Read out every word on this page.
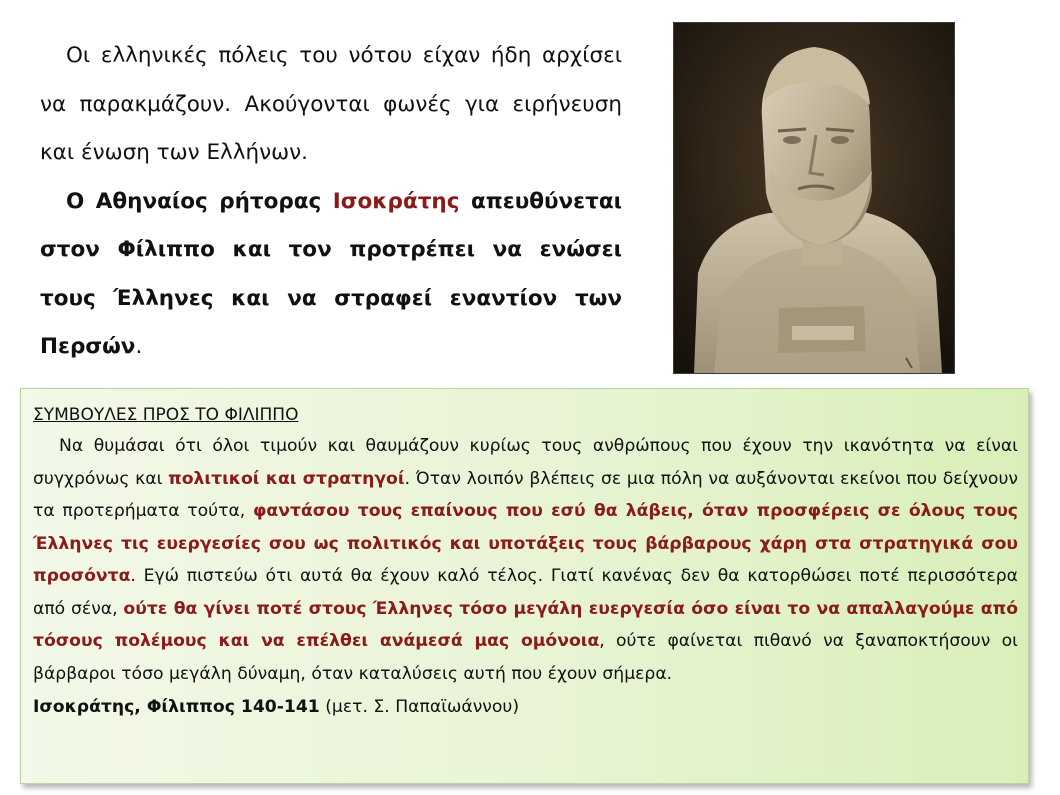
Οι ελληνικές πόλεις του νότου είχαν ήδη αρχίσει να παρακμάζουν. Ακούγονται φωνές για ειρήνευση και ένωση των Ελλήνων.

Ο Αθηναίος ρήτορας Ισοκράτης απευθύνεται στον Φίλιππο και τον προτρέπει να ενώσει τους Έλληνες και να στραφεί εναντίον των Περσών.

ΣΥΜΒΟΥΛΕΣ ΠΡΟΣ ΤΟ ΦΙΛΙΠΠΟ

Να θυμάσαι ότι όλοι τιμούν και θαυμάζουν κυρίως τους ανθρώπους που έχουν την ικανότητα να είναι συγχρόνως και πολιτικοί και στρατηγοί. Όταν λοιπόν βλέπεις σε μια πόλη να αυξάνονται εκείνοι που δείχνουν τα προτερήματα τούτα, φαντάσου τους επαίνους που εσύ θα λάβεις, όταν προσφέρεις σε όλους τους Έλληνες τις ευεργεσίες σου ως πολιτικός και υποτάξεις τους βάρβαρους χάρη στα στρατηγικά σου προσόντα. Εγώ πιστεύω ότι αυτά θα έχουν καλό τέλος. Γιατί κανένας δεν θα κατορθώσει ποτέ περισσότερα από σένα, ούτε θα γίνει ποτέ στους Έλληνες τόσο μεγάλη ευεργεσία όσο είναι το να απαλλαγούμε από τόσους πολέμους και να επέλθει ανάμεσά μας ομόνοια, ούτε φαίνεται πιθανό να ξαναποκτήσουν οι βάρβαροι τόσο μεγάλη δύναμη, όταν καταλύσεις αυτή που έχουν σήμερα.

Ισοκράτης, Φίλιππος 140-141 (μετ. Σ. Παπαϊωάννου)
